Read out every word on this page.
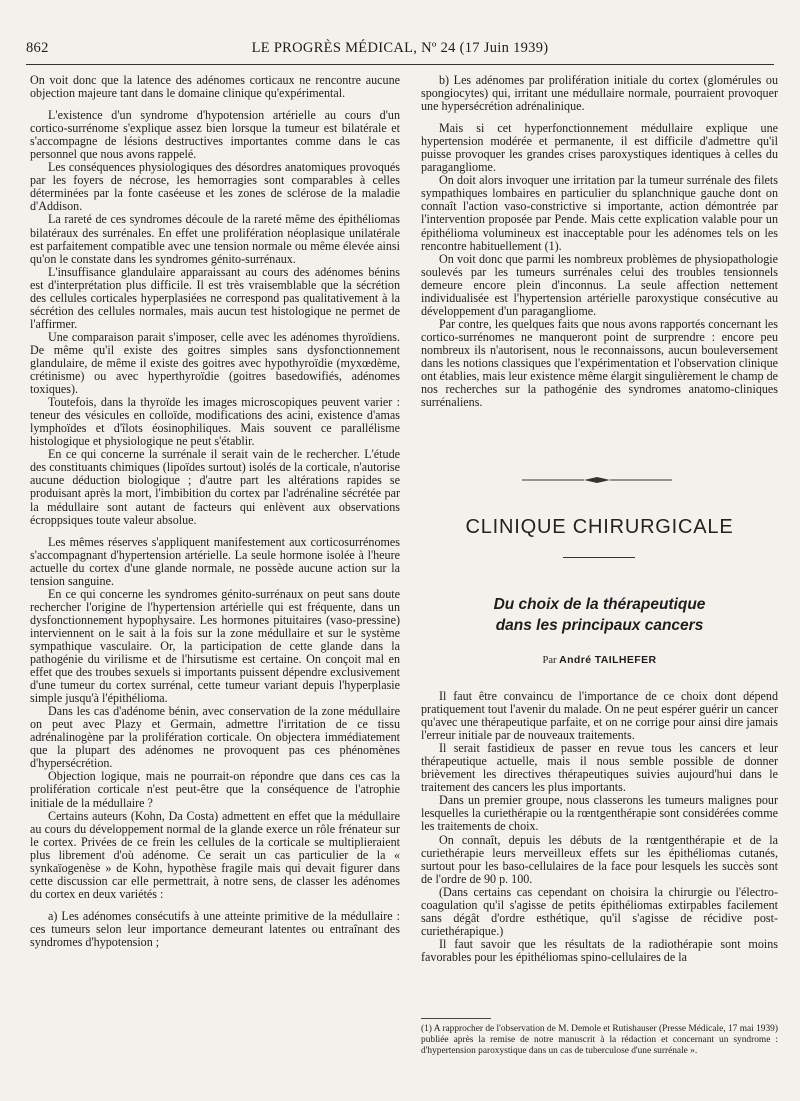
862	LE PROGRÈS MÉDICAL, Nº 24 (17 Juin 1939)

On voit donc que la latence des adénomes corticaux ne rencontre aucune objection majeure tant dans le domaine clinique qu'expérimental.

L'existence d'un syndrome d'hypotension artérielle au cours d'un cortico-surrénome s'explique assez bien lorsque la tumeur est bilatérale et s'accompagne de lésions destructives importantes comme dans le cas personnel que nous avons rappelé.

Les conséquences physiologiques des désordres anatomiques provoqués par les foyers de nécrose, les hemorragies sont comparables à celles déterminées par la fonte caséeuse et les zones de sclérose de la maladie d'Addison.

La rareté de ces syndromes découle de la rareté même des épithéliomas bilatéraux des surrénales. En effet une prolifération néoplasique unilatérale est parfaitement compatible avec une tension normale ou même élevée ainsi qu'on le constate dans les syndromes génito-surrénaux.

L'insuffisance glandulaire apparaissant au cours des adénomes bénins est d'interprétation plus difficile. Il est très vraisemblable que la sécrétion des cellules corticales hyperplasiées ne correspond pas qualitativement à la sécrétion des cellules normales, mais aucun test histologique ne permet de l'affirmer.

Une comparaison parait s'imposer, celle avec les adénomes thyroïdiens. De même qu'il existe des goitres simples sans dysfonctionnement glandulaire, de même il existe des goitres avec hypothyroïdie (myxœdème, crétinisme) ou avec hyperthyroïdie (goitres basedowifiés, adénomes toxiques).

Toutefois, dans la thyroïde les images microscopiques peuvent varier : teneur des vésicules en colloïde, modifications des acini, existence d'amas lymphoïdes et d'îlots éosinophiliques. Mais souvent ce parallélisme histologique et physiologique ne peut s'établir.

En ce qui concerne la surrénale il serait vain de le rechercher. L'étude des constituants chimiques (lipoïdes surtout) isolés de la corticale, n'autorise aucune déduction biologique ; d'autre part les altérations rapides se produisant après la mort, l'imbibition du cortex par l'adrénaline sécrétée par la médullaire sont autant de facteurs qui enlèvent aux observations écroppsiques toute valeur absolue.

Les mêmes réserves s'appliquent manifestement aux corticosurrénomes s'accompagnant d'hypertension artérielle. La seule hormone isolée à l'heure actuelle du cortex d'une glande normale, ne possède aucune action sur la tension sanguine.

En ce qui concerne les syndromes génito-surrénaux on peut sans doute rechercher l'origine de l'hypertension artérielle qui est fréquente, dans un dysfonctionnement hypophysaire. Les hormones pituitaires (vaso-pressine) interviennent on le sait à la fois sur la zone médullaire et sur le système sympathique vasculaire. Or, la participation de cette glande dans la pathogénie du virilisme et de l'hirsutisme est certaine. On conçoit mal en effet que des troubes sexuels si importants puissent dépendre exclusivement d'une tumeur du cortex surrénal, cette tumeur variant depuis l'hyperplasie simple jusqu'à l'épithélioma.

Dans les cas d'adénome bénin, avec conservation de la zone médullaire on peut avec Plazy et Germain, admettre l'irritation de ce tissu adrénalinogène par la prolifération corticale. On objectera immédiatement que la plupart des adénomes ne provoquent pas ces phénomènes d'hypersécrétion.

Objection logique, mais ne pourrait-on répondre que dans ces cas la prolifération corticale n'est peut-être que la conséquence de l'atrophie initiale de la médullaire ?

Certains auteurs (Kohn, Da Costa) admettent en effet que la médullaire au cours du développement normal de la glande exerce un rôle frénateur sur le cortex. Privées de ce frein les cellules de la corticale se multiplieraient plus librement d'où adénome. Ce serait un cas particulier de la « synkaïogenèse » de Kohn, hypothèse fragile mais qui devait figurer dans cette discussion car elle permettrait, à notre sens, de classer les adénomes du cortex en deux variétés :

a) Les adénomes consécutifs à une atteinte primitive de la médullaire : ces tumeurs selon leur importance demeurant latentes ou entraînant des syndromes d'hypotension ;

b) Les adénomes par prolifération initiale du cortex (glomérules ou spongiocytes) qui, irritant une médullaire normale, pourraient provoquer une hypersécrétion adrénalinique.

Mais si cet hyperfonctionnement médullaire explique une hypertension modérée et permanente, il est difficile d'admettre qu'il puisse provoquer les grandes crises paroxystiques identiques à celles du paragangliome.

On doit alors invoquer une irritation par la tumeur surrénale des filets sympathiques lombaires en particulier du splanchnique gauche dont on connaît l'action vaso-constrictive si importante, action démontrée par l'intervention proposée par Pende. Mais cette explication valable pour un épithélioma volumineux est inacceptable pour les adénomes tels on les rencontre habituellement (1).

On voit donc que parmi les nombreux problèmes de physiopathologie soulevés par les tumeurs surrénales celui des troubles tensionnels demeure encore plein d'inconnus. La seule affection nettement individualisée est l'hypertension artérielle paroxystique consécutive au développement d'un paragangliome.

Par contre, les quelques faits que nous avons rapportés concernant les cortico-surrénomes ne manqueront point de surprendre : encore peu nombreux ils n'autorisent, nous le reconnaissons, aucun bouleversement dans les notions classiques que l'expérimentation et l'observation clinique ont établies, mais leur existence même élargit singulièrement le champ de nos recherches sur la pathogénie des syndromes anatomo-cliniques surrénaliens.

CLINIQUE CHIRURGICALE
Du choix de la thérapeutique
dans les principaux cancers
Par André TAILHEFER

Il faut être convaincu de l'importance de ce choix dont dépend pratiquement tout l'avenir du malade. On ne peut espérer guérir un cancer qu'avec une thérapeutique parfaite, et on ne corrige pour ainsi dire jamais l'erreur initiale par de nouveaux traitements.

Il serait fastidieux de passer en revue tous les cancers et leur thérapeutique actuelle, mais il nous semble possible de donner brièvement les directives thérapeutiques suivies aujourd'hui dans le traitement des cancers les plus importants.

Dans un premier groupe, nous classerons les tumeurs malignes pour lesquelles la curiethérapie ou la rœntgenthérapie sont considérées comme les traitements de choix.

On connaît, depuis les débuts de la rœntgenthérapie et de la curiethérapie leurs merveilleux effets sur les épithéliomas cutanés, surtout pour les baso-cellulaires de la face pour lesquels les succès sont de l'ordre de 90 p. 100.

(Dans certains cas cependant on choisira la chirurgie ou l'électro-coagulation qu'il s'agisse de petits épithéliomas extirpables facilement sans dégât d'ordre esthétique, qu'il s'agisse de récidive post-curiethérapique.)

Il faut savoir que les résultats de la radiothérapie sont moins favorables pour les épithéliomas spino-cellulaires de la

(1) A rapprocher de l'observation de M. Demole et Rutishauser (Presse Médicale, 17 mai 1939) publiée après la remise de notre manuscrit à la rédaction et concernant un syndrome : d'hypertension paroxystique dans un cas de tuberculose d'une surrénale ».
